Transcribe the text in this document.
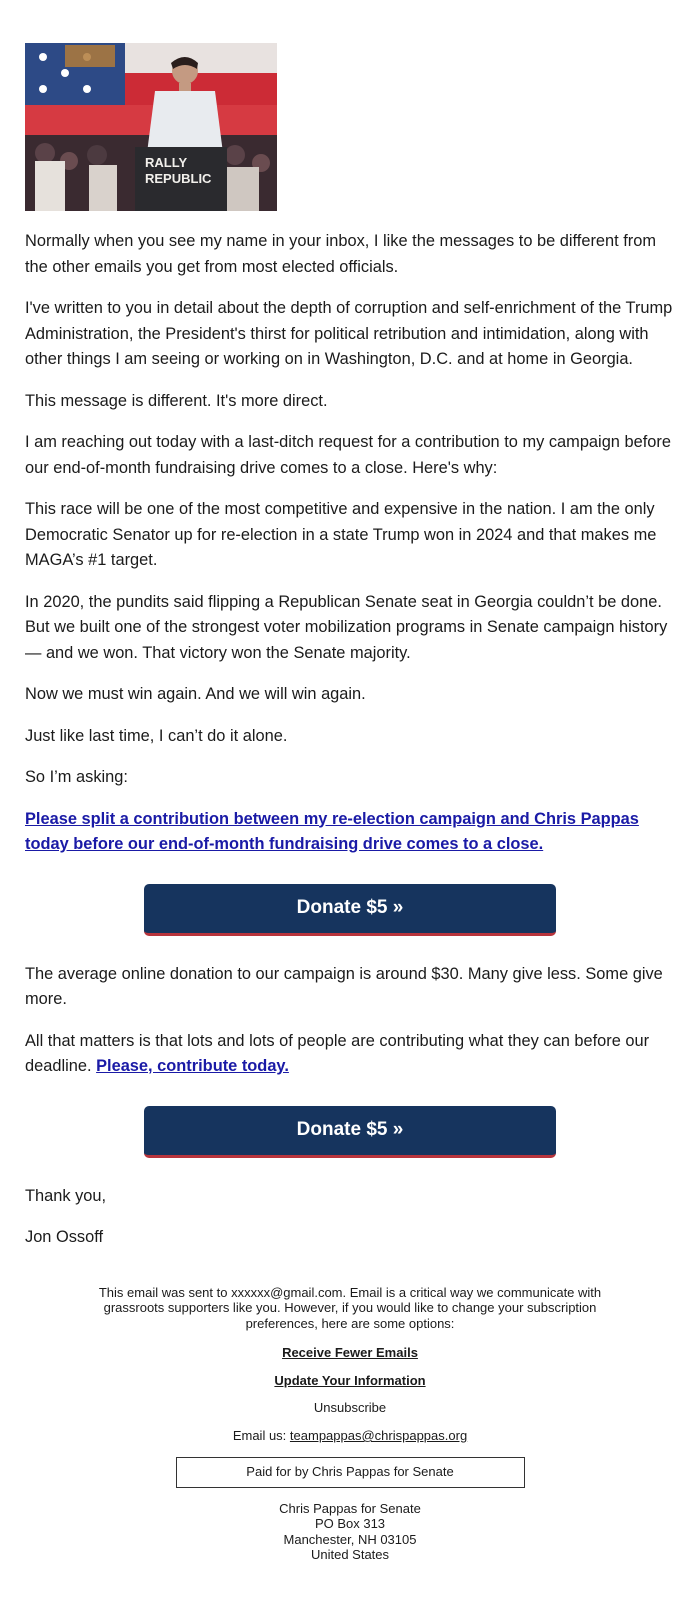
RALLY
REPUBLIC

Normally when you see my name in your inbox, I like the messages to be different from the other emails you get from most elected officials.

I've written to you in detail about the depth of corruption and self-enrichment of the Trump Administration, the President's thirst for political retribution and intimidation, along with other things I am seeing or working on in Washington, D.C. and at home in Georgia.

This message is different. It's more direct.

I am reaching out today with a last-ditch request for a contribution to my campaign before our end-of-month fundraising drive comes to a close. Here's why:

This race will be one of the most competitive and expensive in the nation. I am the only Democratic Senator up for re-election in a state Trump won in 2024 and that makes me MAGA’s #1 target.

In 2020, the pundits said flipping a Republican Senate seat in Georgia couldn’t be done. But we built one of the strongest voter mobilization programs in Senate campaign history — and we won. That victory won the Senate majority.

Now we must win again. And we will win again.

Just like last time, I can’t do it alone.

So I’m asking:

Please split a contribution between my re-election campaign and Chris Pappas today before our end-of-month fundraising drive comes to a close.

Donate $5 »

The average online donation to our campaign is around $30. Many give less. Some give more.

All that matters is that lots and lots of people are contributing what they can before our deadline. Please, contribute today.

Donate $5 »

Thank you,

Jon Ossoff

This email was sent to xxxxxx@gmail.com. Email is a critical way we communicate with grassroots supporters like you. However, if you would like to change your subscription preferences, here are some options:
Receive Fewer Emails
Update Your Information
Unsubscribe
Email us: teampappas@chrispappas.org
Paid for by Chris Pappas for Senate
Chris Pappas for Senate
PO Box 313
Manchester, NH 03105
United States
